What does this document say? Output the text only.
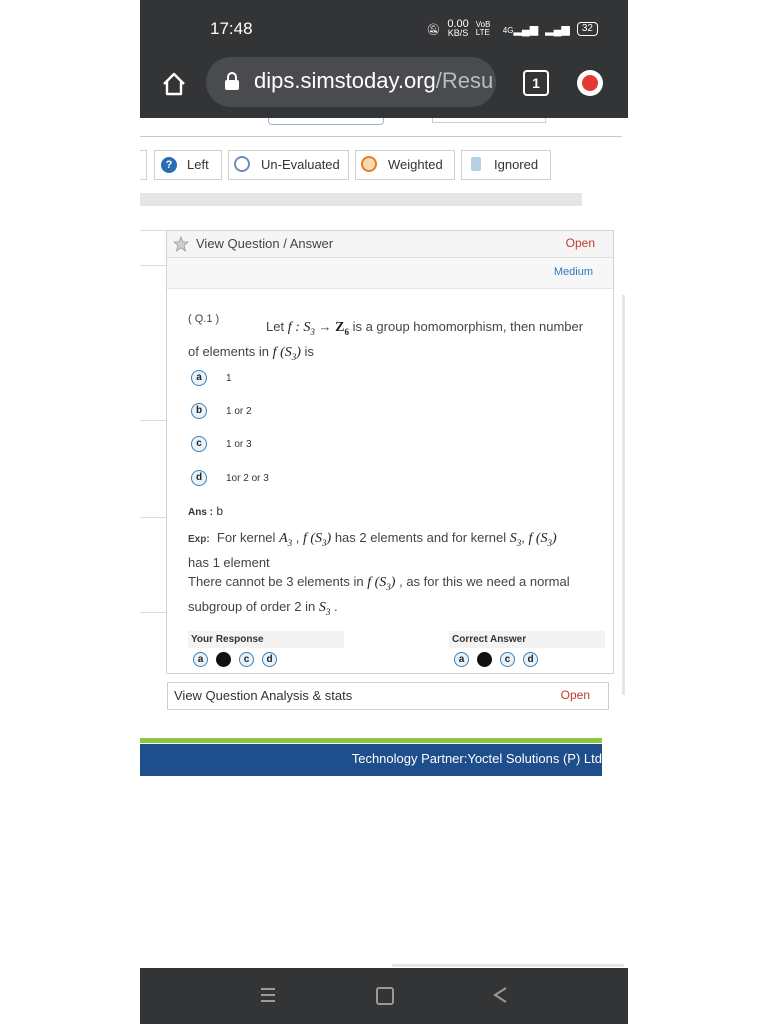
17:48	🔕︎ 0.00
KB/S
VoB LTE	4G▂▄▆ ▂▄▆	32
dips.simstoday.org/Resu	1
?	Left	Un-Evaluated	Weighted	Ignored
View Question / Answer	Open
Medium
( Q.1 )	Let f : $S_3 \to Z_6$ is a group homomorphism, then number
of elements in f $(S_3)$ is
a	1
b	1 or 2
c	1 or 3
d	1or 2 or 3
Ans : b
Exp: For kernel $A_3$ , f $(S_3)$ has 2 elements and for kernel $S_3$, f $(S_3)$
has 1 element
There cannot be 3 elements in f $(S_3)$ , as for this we need a normal
subgroup of order 2 in $S_3$ .
Your Response
a	b	c	d
Correct Answer
a	b	c	d
View Question Analysis & stats	Open
Technology Partner:Yoctel Solutions (P) Ltd
